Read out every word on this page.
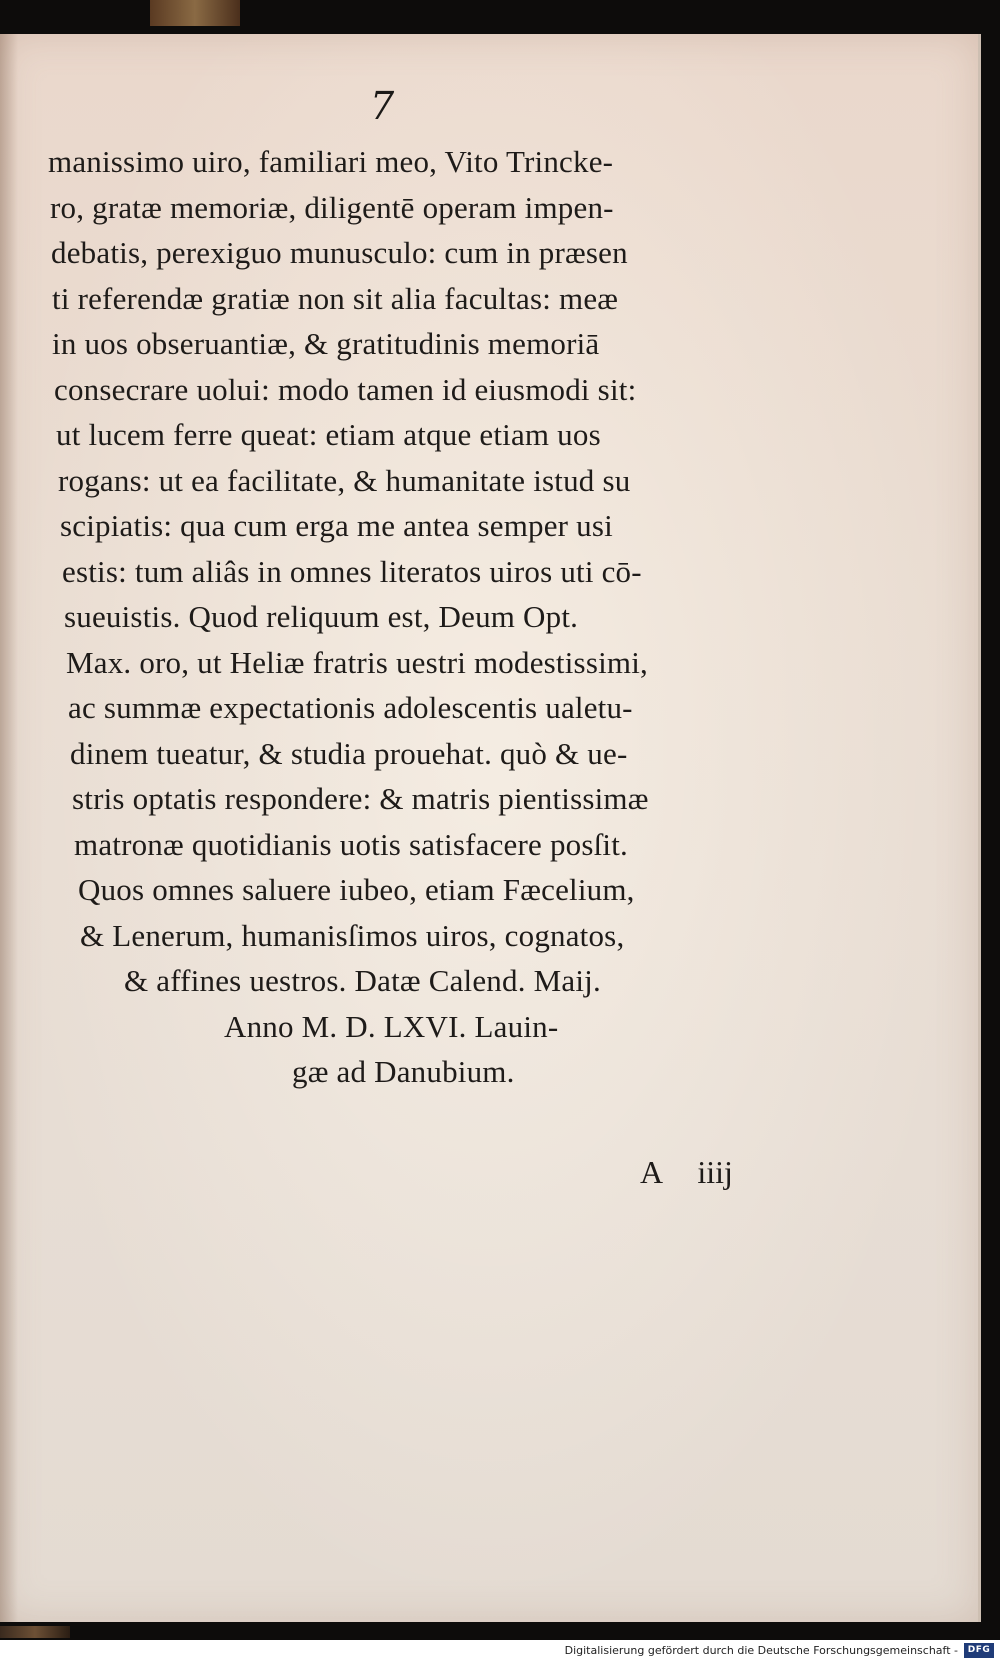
7

manissimo uiro, familiari meo, Vito Trincke-
ro, gratæ memoriæ, diligentē operam impen-
debatis, perexiguo munusculo: cum in præsen
ti referendæ gratiæ non sit alia facultas: meæ
in uos obseruantiæ, & gratitudinis memoriā
consecrare uolui: modo tamen id eiusmodi sit:
ut lucem ferre queat: etiam atque etiam uos
rogans: ut ea facilitate, & humanitate istud su
scipiatis: qua cum erga me antea semper usi
estis: tum aliâs in omnes literatos uiros uti cō-
sueuistis. Quod reliquum est, Deum Opt.
Max. oro, ut Heliæ fratris uestri modestissimi,
ac summæ expectationis adolescentis ualetu-
dinem tueatur, & studia prouehat. quò & ue-
stris optatis respondere: & matris pientissimæ
matronæ quotidianis uotis satisfacere posſit.
Quos omnes saluere iubeo, etiam Fæcelium,
& Lenerum, humanisſimos uiros, cognatos,
& affines uestros. Datæ Calend. Maij.
Anno M. D. LXVI. Lauin-
gæ ad Danubium.

A iiij

Digitalisierung gefördert durch die Deutsche Forschungsgemeinschaft -	DFG
